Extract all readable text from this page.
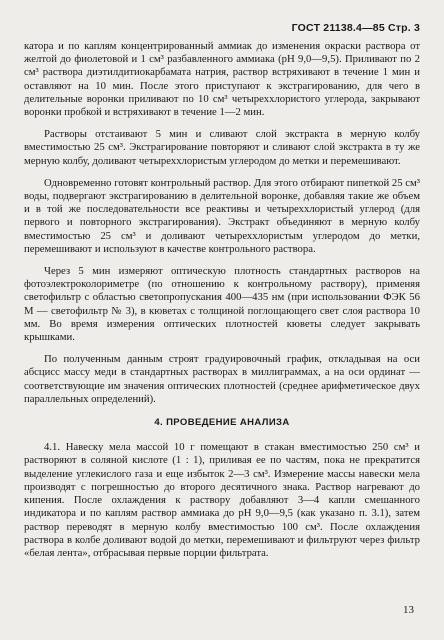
ГОСТ 21138.4—85 Стр. 3

катора и по каплям концентрированный аммиак до изменения окраски раствора от желтой до фиолетовой и 1 см³ разбавленного аммиака (рН 9,0—9,5). Приливают по 2 см³ раствора диэтилдитиокарбамата натрия, раствор встряхивают в течение 1 мин и оставляют на 10 мин. После этого приступают к экстрагированию, для чего в делительные воронки приливают по 10 см³ четыреххлористого углерода, закрывают воронки пробкой и встряхивают в течение 1—2 мин.

Растворы отстаивают 5 мин и сливают слой экстракта в мерную колбу вместимостью 25 см³. Экстрагирование повторяют и сливают слой экстракта в ту же мерную колбу, доливают четыреххлористым углеродом до метки и перемешивают.

Одновременно готовят контрольный раствор. Для этого отбирают пипеткой 25 см³ воды, подвергают экстрагированию в делительной воронке, добавляя такие же объем и в той же последовательности все реактивы и четыреххлористый углерод (для первого и повторного экстрагирования). Экстракт объединяют в мерную колбу вместимостью 25 см³ и доливают четыреххлористым углеродом до метки, перемешивают и используют в качестве контрольного раствора.

Через 5 мин измеряют оптическую плотность стандартных растворов на фотоэлектроколориметре (по отношению к контрольному раствору), применяя светофильтр с областью светопропускания 400—435 нм (при использовании ФЭК 56 М — светофильтр № 3), в кюветах с толщиной поглощающего свет слоя раствора 10 мм. Во время измерения оптических плотностей кюветы следует закрывать крышками.

По полученным данным строят градуировочный график, откладывая на оси абсцисс массу меди в стандартных растворах в миллиграммах, а на оси ординат — соответствующие им значения оптических плотностей (среднее арифметическое двух параллельных определений).

4. ПРОВЕДЕНИЕ АНАЛИЗА

4.1. Навеску мела массой 10 г помещают в стакан вместимостью 250 см³ и растворяют в соляной кислоте (1 : 1), приливая ее по частям, пока не прекратится выделение углекислого газа и еще избыток 2—3 см³. Измерение массы навески мела производят с погрешностью до второго десятичного знака. Раствор нагревают до кипения. После охлаждения к раствору добавляют 3—4 капли смешанного индикатора и по каплям раствор аммиака до рН 9,0—9,5 (как указано п. 3.1), затем раствор переводят в мерную колбу вместимостью 100 см³. После охлаждения раствора в колбе доливают водой до метки, перемешивают и фильтруют через фильтр «белая лента», отбрасывая первые порции фильтрата.

13
